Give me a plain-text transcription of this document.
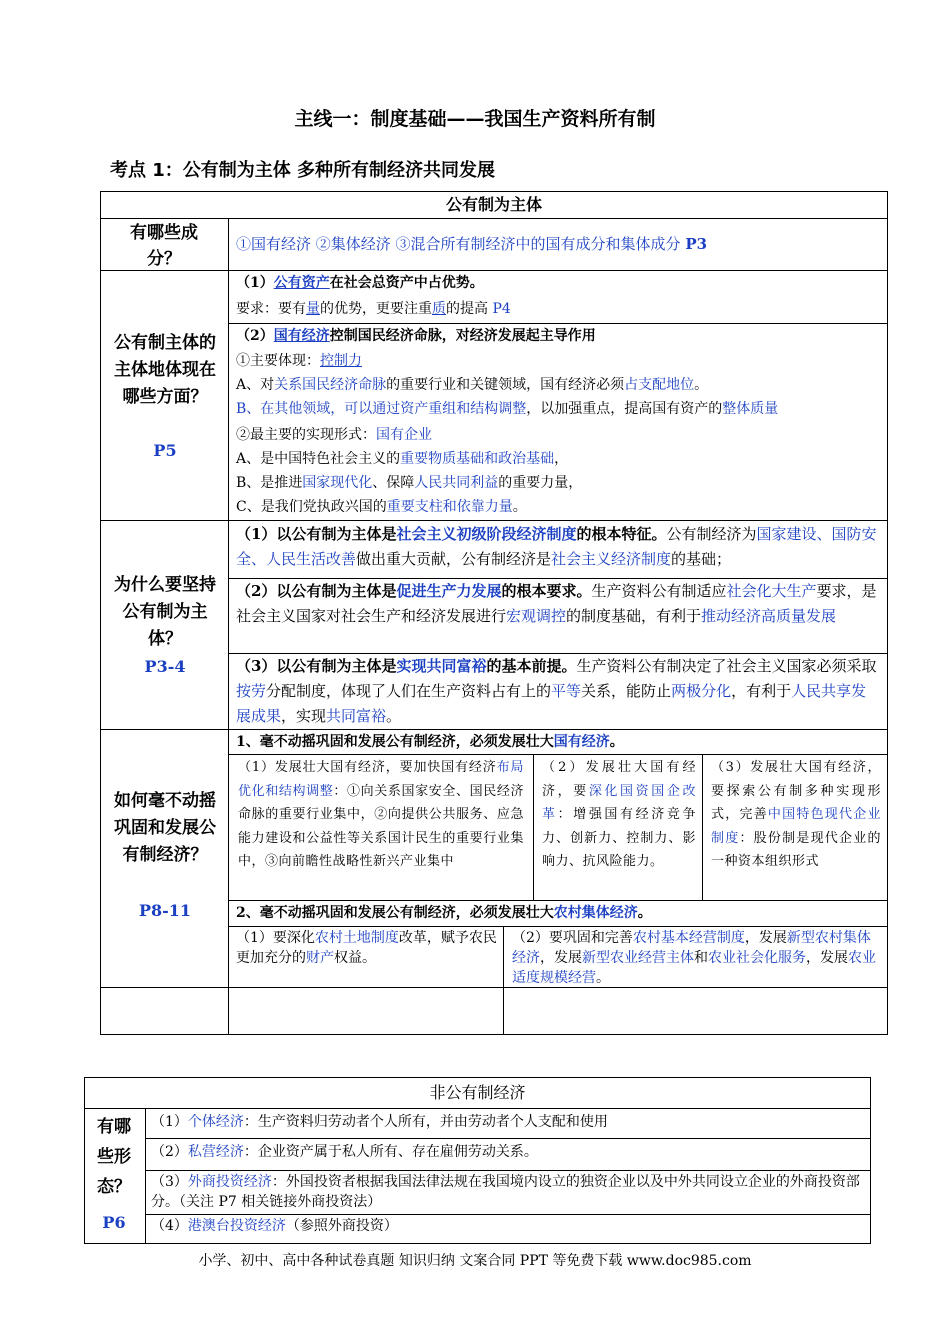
主线一：制度基础——我国生产资料所有制
考点 1：公有制为主体 多种所有制经济共同发展
公有制为主体
有哪些成分？
①国有经济 ②集体经济 ③混合所有制经济中的国有成分和集体成分 P3
公有制主体的主体地体现在哪些方面？
P5
（1）公有资产在社会总资产中占优势。
要求：要有量的优势，更要注重质的提高 P4
（2）国有经济控制国民经济命脉，对经济发展起主导作用
①主要体现：控制力
A、对关系国民经济命脉的重要行业和关键领域，国有经济必须占支配地位。
B、在其他领域，可以通过资产重组和结构调整，以加强重点，提高国有资产的整体质量
②最主要的实现形式：国有企业
A、是中国特色社会主义的重要物质基础和政治基础，
B、是推进国家现代化、保障人民共同利益的重要力量，
C、是我们党执政兴国的重要支柱和依靠力量。
为什么要坚持公有制为主体？
P3-4
（1）以公有制为主体是社会主义初级阶段经济制度的根本特征。公有制经济为国家建设、国防安全、人民生活改善做出重大贡献，公有制经济是社会主义经济制度的基础；
（2）以公有制为主体是促进生产力发展的根本要求。生产资料公有制适应社会化大生产要求，是社会主义国家对社会生产和经济发展进行宏观调控的制度基础，有利于推动经济高质量发展
（3）以公有制为主体是实现共同富裕的基本前提。生产资料公有制决定了社会主义国家必须采取按劳分配制度，体现了人们在生产资料占有上的平等关系，能防止两极分化，有利于人民共享发展成果，实现共同富裕。
如何毫不动摇巩固和发展公有制经济？
P8-11
1、毫不动摇巩固和发展公有制经济，必须发展壮大国有经济。
（1）发展壮大国有经济，要加快国有经济布局优化和结构调整：①向关系国家安全、国民经济命脉的重要行业集中，②向提供公共服务、应急能力建设和公益性等关系国计民生的重要行业集中，③向前瞻性战略性新兴产业集中
（2）发展壮大国有经济，要深化国资国企改革：增强国有经济竞争力、创新力、控制力、影响力、抗风险能力。
（3）发展壮大国有经济，要探索公有制多种实现形式，完善中国特色现代企业制度：股份制是现代企业的一种资本组织形式
2、毫不动摇巩固和发展公有制经济，必须发展壮大农村集体经济。
（1）要深化农村土地制度改革，赋予农民更加充分的财产权益。
（2）要巩固和完善农村基本经营制度，发展新型农村集体经济，发展新型农业经营主体和农业社会化服务，发展农业适度规模经营。
非公有制经济
有哪些形态？
P6
（1）个体经济：生产资料归劳动者个人所有，并由劳动者个人支配和使用
（2）私营经济：企业资产属于私人所有、存在雇佣劳动关系。
（3）外商投资经济：外国投资者根据我国法律法规在我国境内设立的独资企业以及中外共同设立企业的外商投资部分。（关注 P7 相关链接外商投资法）
（4）港澳台投资经济（参照外商投资）
小学、初中、高中各种试卷真题 知识归纳 文案合同 PPT 等免费下载 www.doc985.com
